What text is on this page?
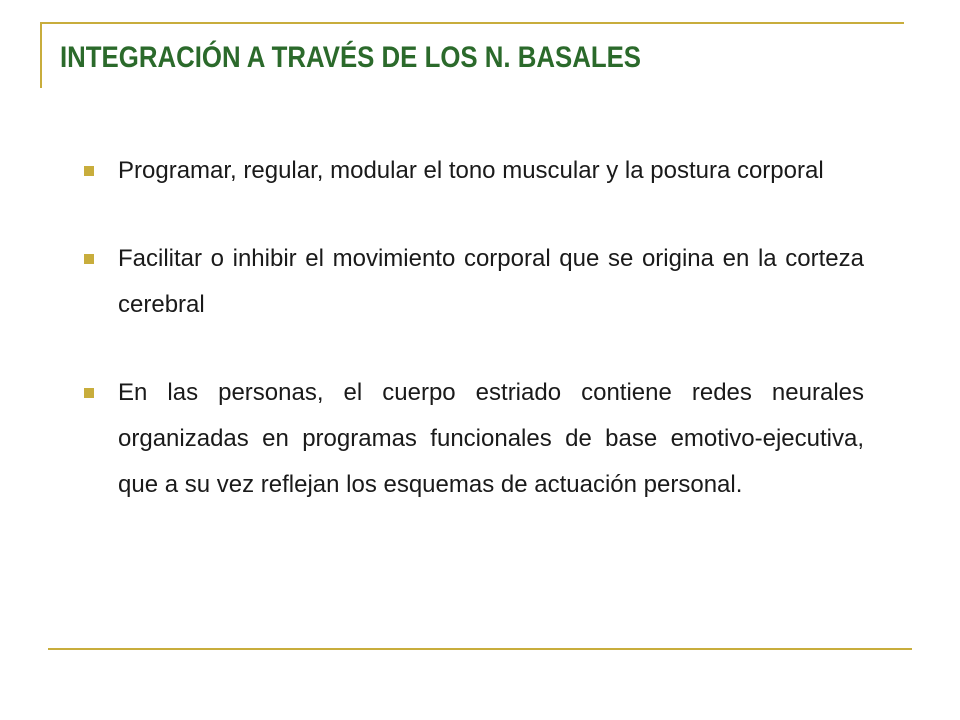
INTEGRACIÓN A TRAVÉS DE LOS N. BASALES
Programar, regular, modular el tono muscular y la postura corporal
Facilitar o inhibir el movimiento corporal que se origina en la corteza cerebral
En las personas, el cuerpo estriado contiene redes neurales organizadas en programas funcionales de base emotivo-ejecutiva, que a su vez reflejan los esquemas de actuación personal.
